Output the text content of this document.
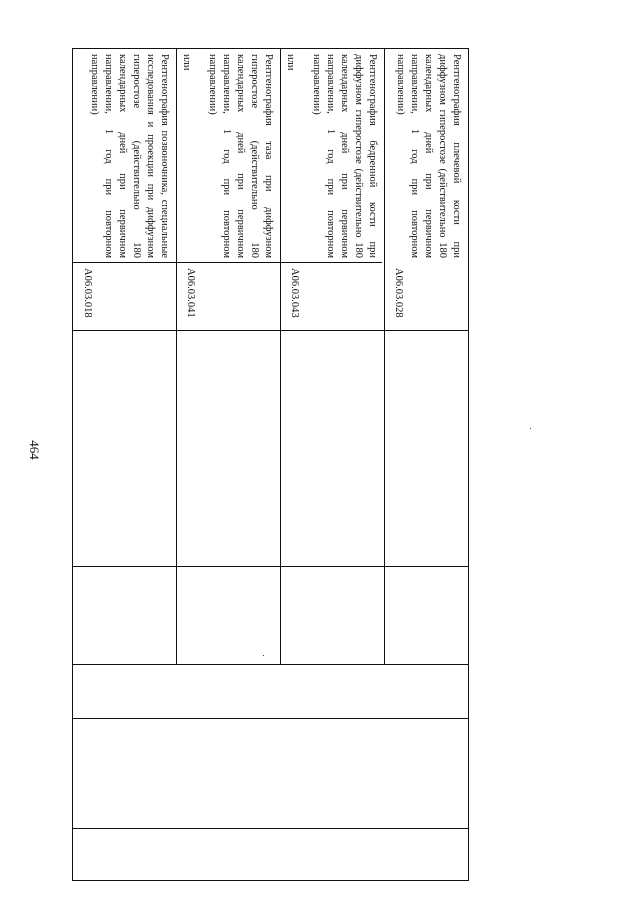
464
Рентгенография позвоночника, специальные исследования и проекции при диффузном гиперостозе (действительно 180 календарных дней при первичном направлении, 1 год при повторном направлении)
A06.03.018
Рентгенография таза при диффузном гиперостозе (действительно 180 календарных дней при первичном направлении, 1 год при повторном направлении)
или
A06.03.041
Рентгенография бедренной кости при диффузном гиперостозе (действительно 180 календарных дней при первичном направлении, 1 год при повторном направлении)
или
A06.03.043
Рентгенография плечевой кости при диффузном гиперостозе (действительно 180 календарных дней при первичном направлении, 1 год при повторном направлении)
A06.03.028
